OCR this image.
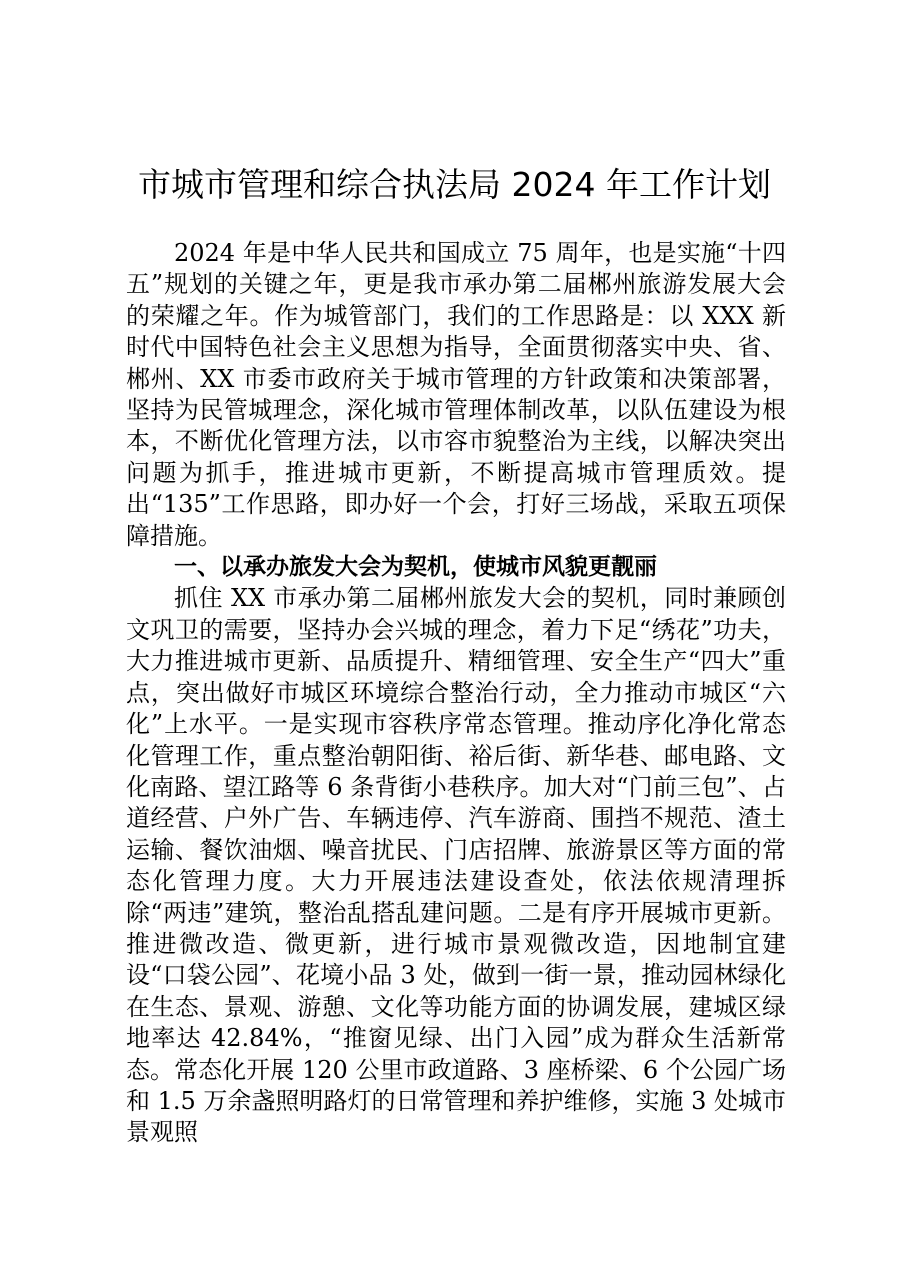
市城市管理和综合执法局 2024 年工作计划

2024 年是中华人民共和国成立 75 周年，也是实施“十四五”规划的关键之年，更是我市承办第二届郴州旅游发展大会的荣耀之年。作为城管部门，我们的工作思路是：以 XXX 新时代中国特色社会主义思想为指导，全面贯彻落实中央、省、郴州、XX 市委市政府关于城市管理的方针政策和决策部署，坚持为民管城理念，深化城市管理体制改革，以队伍建设为根本，不断优化管理方法，以市容市貌整治为主线，以解决突出问题为抓手，推进城市更新，不断提高城市管理质效。提出“135”工作思路，即办好一个会，打好三场战，采取五项保障措施。

一、以承办旅发大会为契机，使城市风貌更靓丽

抓住 XX 市承办第二届郴州旅发大会的契机，同时兼顾创文巩卫的需要，坚持办会兴城的理念，着力下足“绣花”功夫，大力推进城市更新、品质提升、精细管理、安全生产“四大”重点，突出做好市城区环境综合整治行动，全力推动市城区“六化”上水平。一是实现市容秩序常态管理。推动序化净化常态化管理工作，重点整治朝阳街、裕后街、新华巷、邮电路、文化南路、望江路等 6 条背街小巷秩序。加大对“门前三包”、占道经营、户外广告、车辆违停、汽车游商、围挡不规范、渣土运输、餐饮油烟、噪音扰民、门店招牌、旅游景区等方面的常态化管理力度。大力开展违法建设查处，依法依规清理拆除“两违”建筑，整治乱搭乱建问题。二是有序开展城市更新。推进微改造、微更新，进行城市景观微改造，因地制宜建设“口袋公园”、花境小品 3 处，做到一街一景，推动园林绿化在生态、景观、游憩、文化等功能方面的协调发展，建城区绿地率达 42.84%，“推窗见绿、出门入园”成为群众生活新常态。常态化开展 120 公里市政道路、3 座桥梁、6 个公园广场和 1.5 万余盏照明路灯的日常管理和养护维修，实施 3 处城市景观照
